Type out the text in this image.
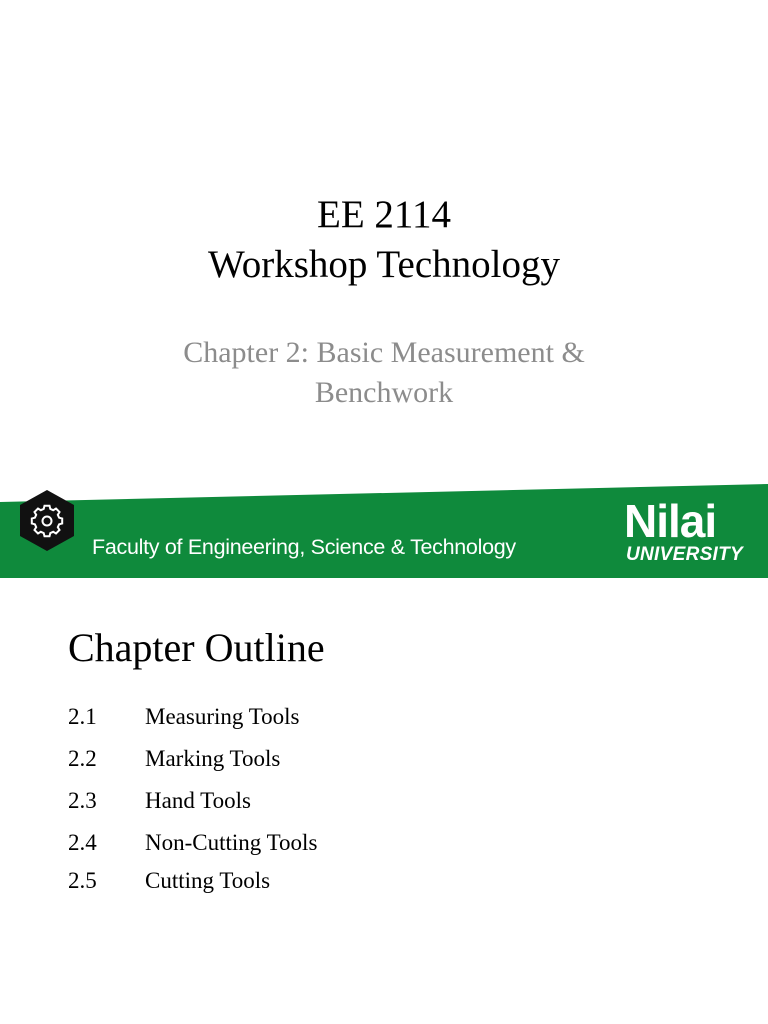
EE 2114
Workshop Technology
Chapter 2: Basic Measurement &
Benchwork
Faculty of Engineering, Science & Technology Nilai
UNIVERSITY
Chapter Outline
2.1 Measuring Tools
2.2 Marking Tools
2.3 Hand Tools
2.4 Non-Cutting Tools
2.5 Cutting Tools
